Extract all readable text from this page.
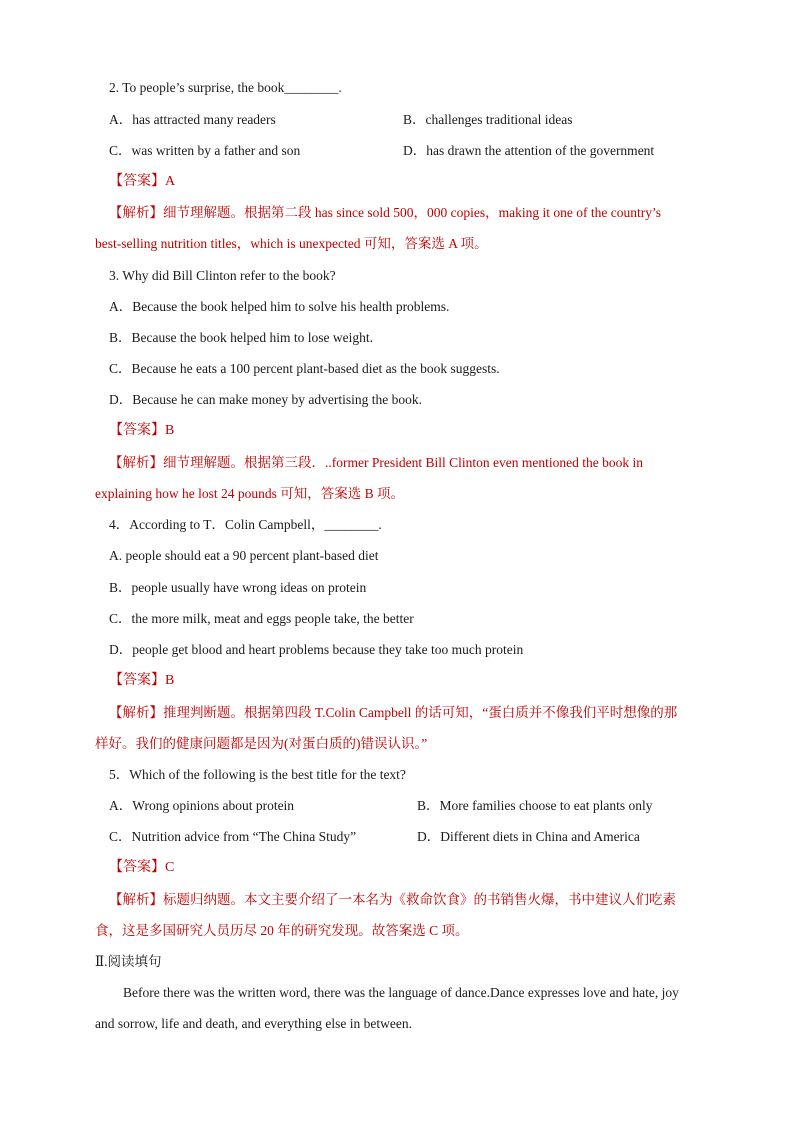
2. To people’s surprise, the book________.

A．has attracted many readers	B．challenges traditional ideas

C．was written by a father and son	D．has drawn the attention of the government

【答案】A

【解析】细节理解题。根据第二段 has since sold 500，000 copies，making it one of the country’s

best-selling nutrition titles，which is unexpected 可知，答案选 A 项。

3. Why did Bill Clinton refer to the book?

A．Because the book helped him to solve his health problems.

B．Because the book helped him to lose weight.

C．Because he eats a 100 percent plant-based diet as the book suggests.

D．Because he can make money by advertising the book.

【答案】B

【解析】细节理解题。根据第三段．..former President Bill Clinton even mentioned the book in

explaining how he lost 24 pounds 可知，答案选 B 项。

4．According to T．Colin Campbell，________.

A. people should eat a 90 percent plant-based diet

B．people usually have wrong ideas on protein

C．the more milk, meat and eggs people take, the better

D．people get blood and heart problems because they take too much protein

【答案】B

【解析】推理判断题。根据第四段 T.Colin Campbell 的话可知，“蛋白质并不像我们平时想像的那

样好。我们的健康问题都是因为(对蛋白质的)错误认识。”

5．Which of the following is the best title for the text?

A．Wrong opinions about protein	B．More families choose to eat plants only

C．Nutrition advice from “The China Study”	D．Different diets in China and America

【答案】C

【解析】标题归纳题。本文主要介绍了一本名为《救命饮食》的书销售火爆，书中建议人们吃素

食，这是多国研究人员历尽 20 年的研究发现。故答案选 C 项。

Ⅱ.阅读填句

Before there was the written word, there was the language of dance.Dance expresses love and hate, joy

and sorrow, life and death, and everything else in between.
